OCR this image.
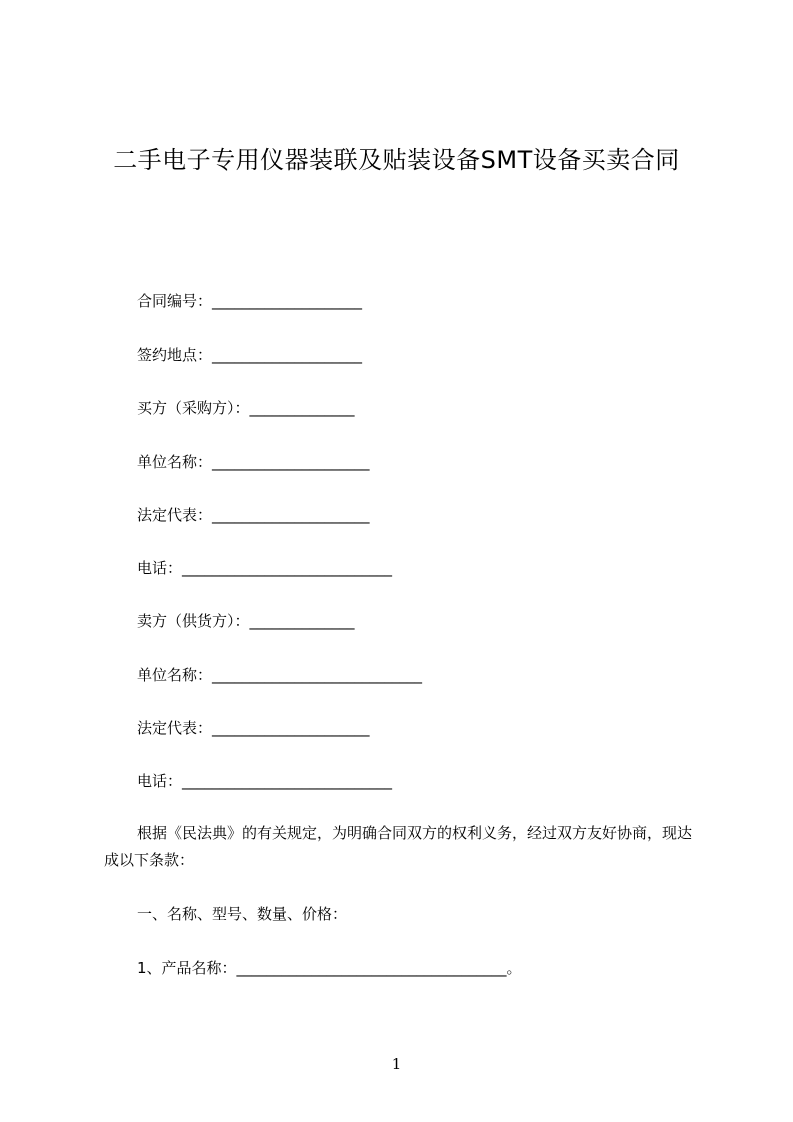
二手电子专用仪器装联及贴装设备SMT设备买卖合同
合同编号：____________________
签约地点：____________________
买方（采购方）：______________
单位名称：_____________________
法定代表：_____________________
电话：____________________________
卖方（供货方）：______________
单位名称：____________________________
法定代表：_____________________
电话：____________________________
根据《民法典》的有关规定，为明确合同双方的权利义务，经过双方友好协商，现达成以下条款：
一、名称、型号、数量、价格：
1、产品名称：____________________________________。
1
